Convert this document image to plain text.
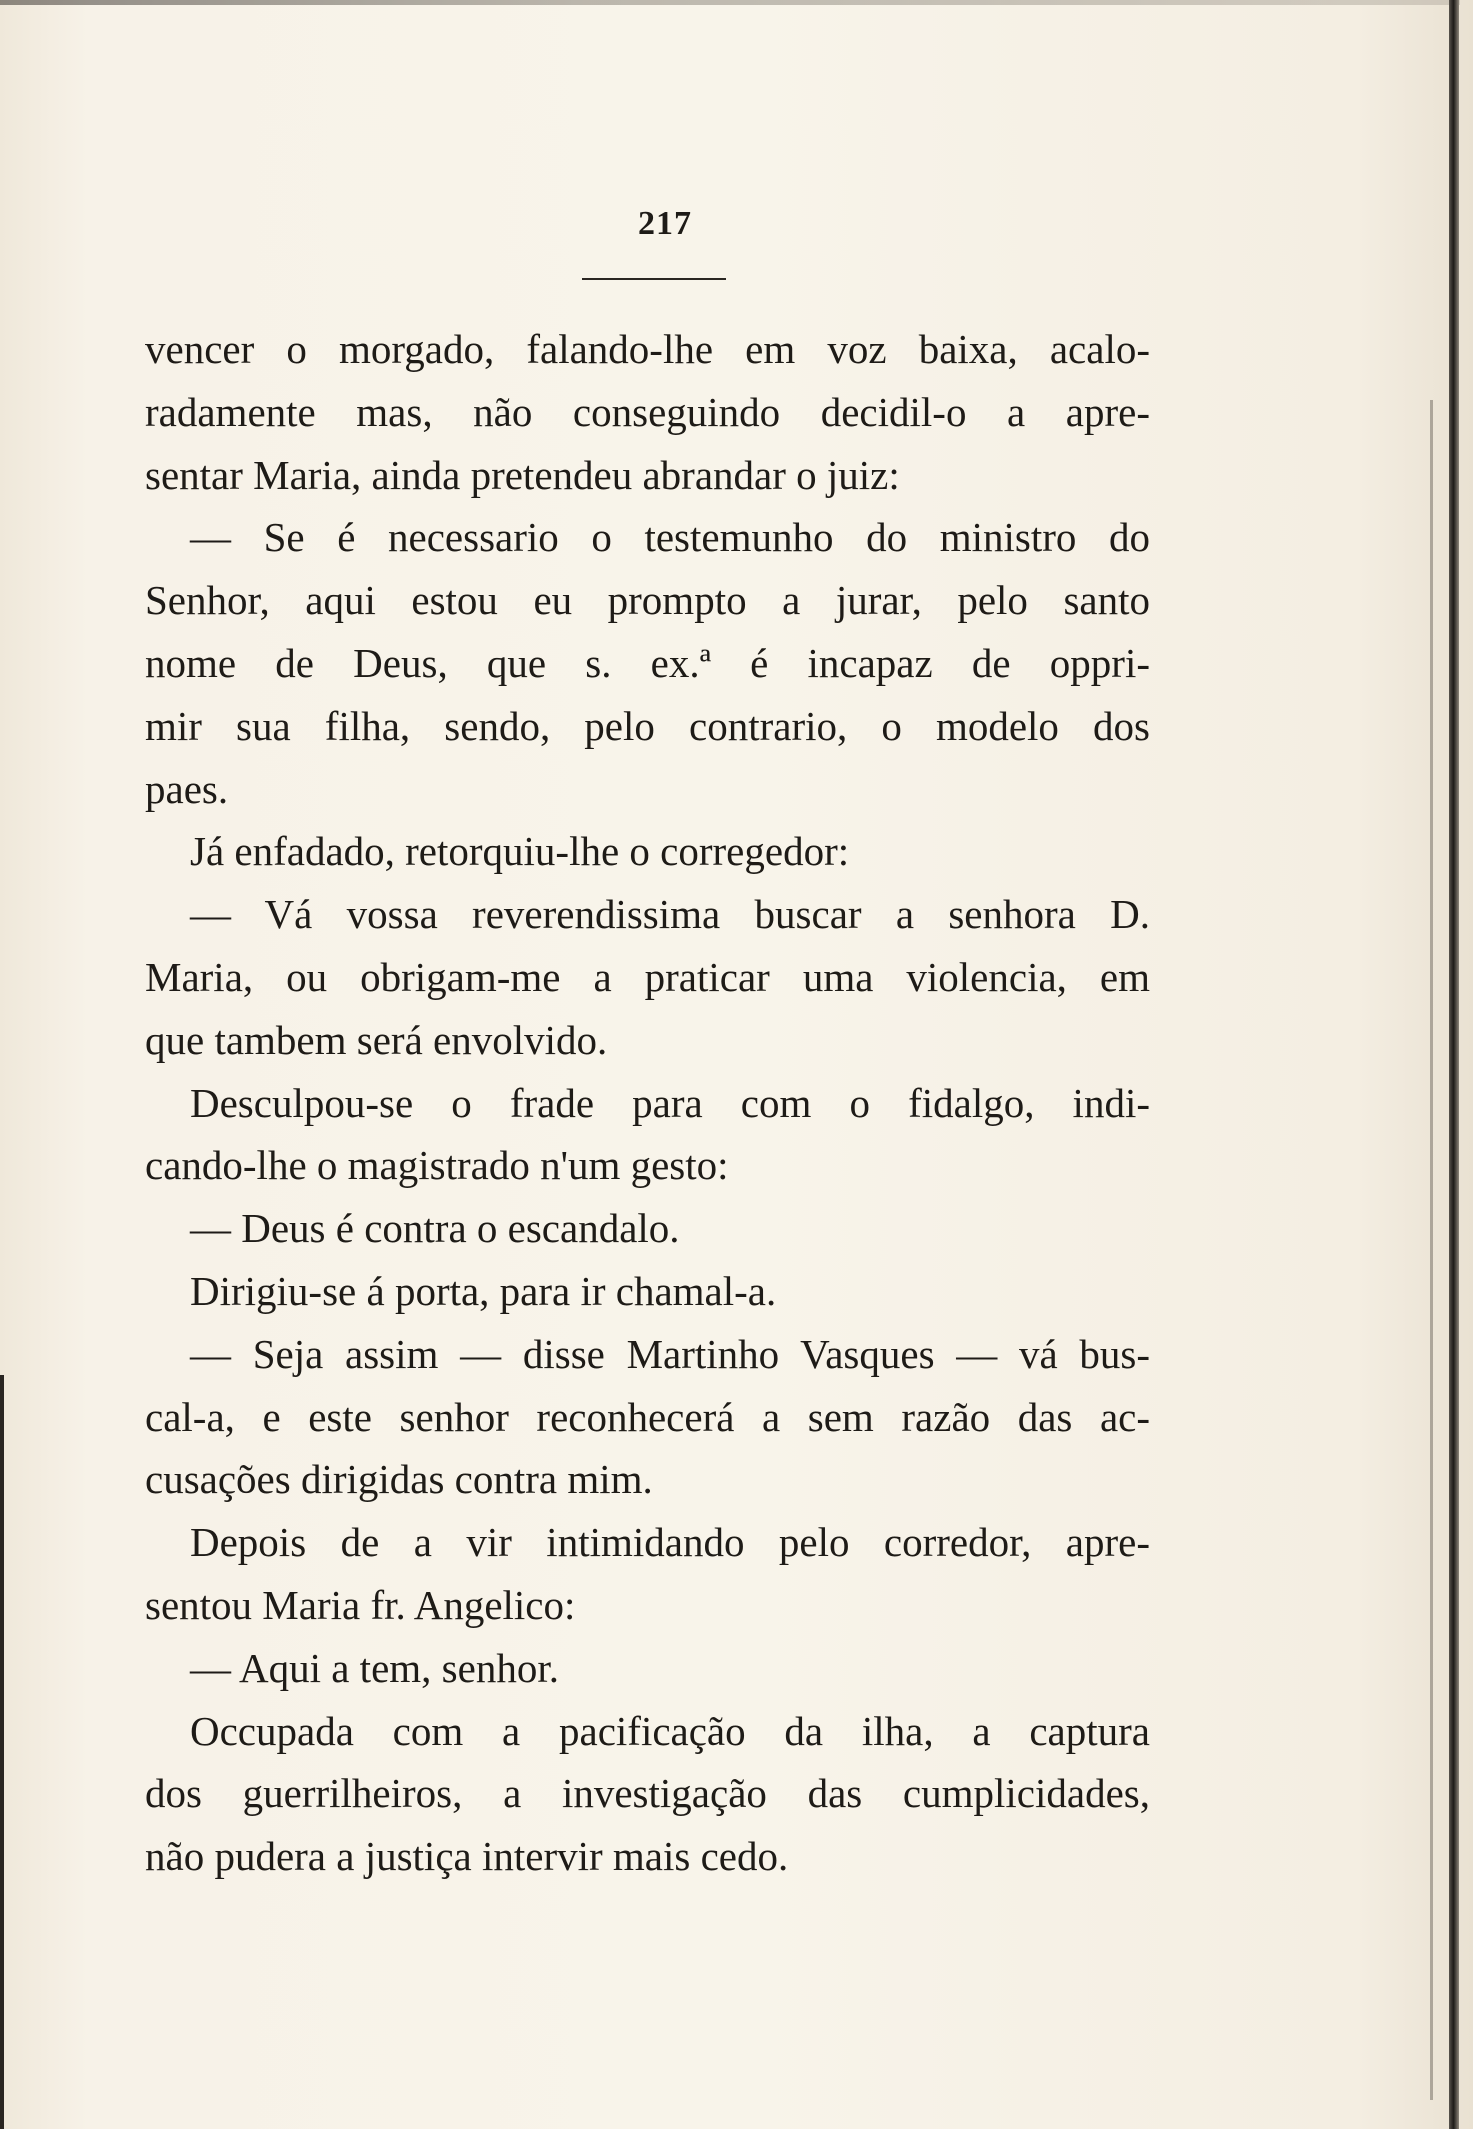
217

vencer o morgado, falando-lhe em voz baixa, acalo-
radamente mas, não conseguindo decidil-o a apre-
sentar Maria, ainda pretendeu abrandar o juiz:

— Se é necessario o testemunho do ministro do
Senhor, aqui estou eu prompto a jurar, pelo santo
nome de Deus, que s. ex.ª é incapaz de oppri-
mir sua filha, sendo, pelo contrario, o modelo dos
paes.

Já enfadado, retorquiu-lhe o corregedor:

— Vá vossa reverendissima buscar a senhora D.
Maria, ou obrigam-me a praticar uma violencia, em
que tambem será envolvido.

Desculpou-se o frade para com o fidalgo, indi-
cando-lhe o magistrado n'um gesto:

— Deus é contra o escandalo.

Dirigiu-se á porta, para ir chamal-a.

— Seja assim — disse Martinho Vasques — vá bus-
cal-a, e este senhor reconhecerá a sem razão das ac-
cusações dirigidas contra mim.

Depois de a vir intimidando pelo corredor, apre-
sentou Maria fr. Angelico:

— Aqui a tem, senhor.

Occupada com a pacificação da ilha, a captura
dos guerrilheiros, a investigação das cumplicidades,
não pudera a justiça intervir mais cedo.
